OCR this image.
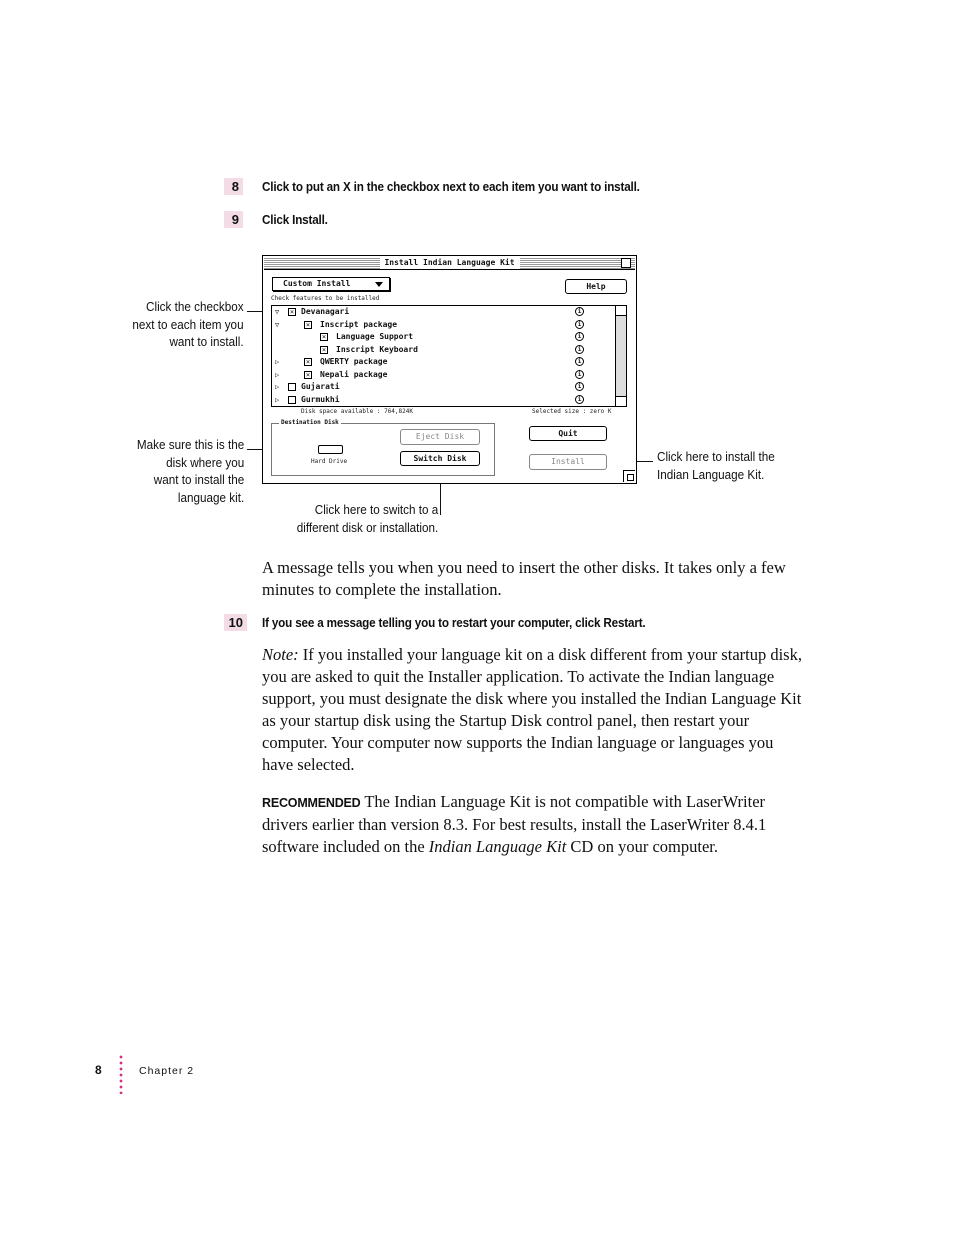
8	Click to put an X in the checkbox next to each item you want to install.
9	Click Install.
Click the checkbox
next to each item you
want to install.
Make sure this is the
disk where you
want to install the
language kit.
Click here to install the
Indian Language Kit.
Click here to switch to a
different disk or installation.
Install Indian Language Kit
Custom Install	Help
Check features to be installed
▽ × Devanagari	i
▽	× Inscript package	i
× Language Support	i
× Inscript Keyboard	i
▷	× QWERTY package	i
▷	× Nepali package	i
▷	Gujarati	i
▷	Gurmukhi	i
Disk space available : 764,824K	Selected size : zero K
Destination Disk
Hard Drive
Eject Disk
Switch Disk
Quit
Install

A message tells you when you need to insert the other disks. It takes only a few minutes to complete the installation.

10	If you see a message telling you to restart your computer, click Restart.

Note: If you installed your language kit on a disk different from your startup disk, you are asked to quit the Installer application. To activate the Indian language support, you must designate the disk where you installed the Indian Language Kit as your startup disk using the Startup Disk control panel, then restart your computer. Your computer now supports the Indian language or languages you have selected.

RECOMMENDED The Indian Language Kit is not compatible with LaserWriter drivers earlier than version 8.3. For best results, install the LaserWriter 8.4.1 software included on the Indian Language Kit CD on your computer.

8	Chapter 2
